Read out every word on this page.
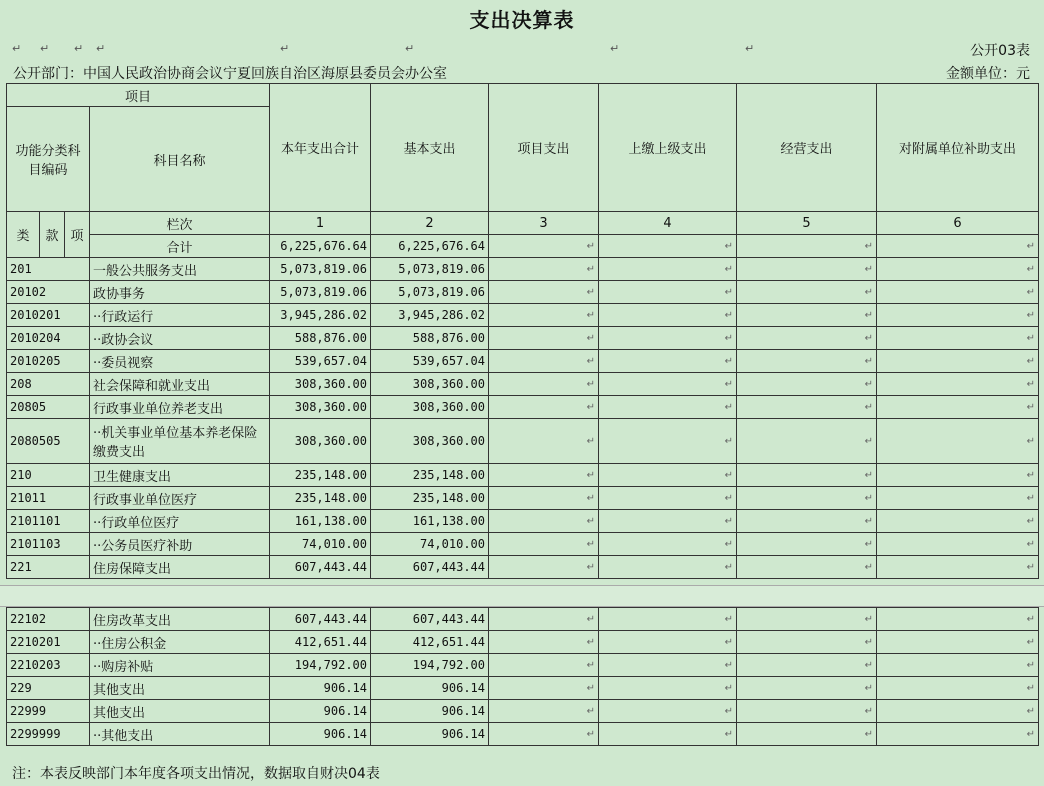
支出决算表
↵ ↵ ↵ ↵	↵	↵	↵	↵	公开03表
公开部门：中国人民政治协商会议宁夏回族自治区海原县委员会办公室	金额单位：元
项目				本年支出合计	基本支出	项目支出	上缴上级支出	经营支出	对附属单位补助支出
功能分类科目编码			科目名称						

类	款	项	栏次	1	2	3	4	5	6
			合计	6,225,676.64	6,225,676.64	↵	↵	↵	↵
201			一般公共服务支出	5,073,819.06	5,073,819.06	↵	↵	↵	↵
20102			政协事务	5,073,819.06	5,073,819.06	↵	↵	↵	↵
2010201			··行政运行	3,945,286.02	3,945,286.02	↵	↵	↵	↵
2010204			··政协会议	588,876.00	588,876.00	↵	↵	↵	↵
2010205			··委员视察	539,657.04	539,657.04	↵	↵	↵	↵
208			社会保障和就业支出	308,360.00	308,360.00	↵	↵	↵	↵
20805			行政事业单位养老支出	308,360.00	308,360.00	↵	↵	↵	↵
2080505			··机关事业单位基本养老保险缴费支出	308,360.00	308,360.00	↵	↵	↵	↵
210			卫生健康支出	235,148.00	235,148.00	↵	↵	↵	↵
21011			行政事业单位医疗	235,148.00	235,148.00	↵	↵	↵	↵
2101101			··行政单位医疗	161,138.00	161,138.00	↵	↵	↵	↵
2101103			··公务员医疗补助	74,010.00	74,010.00	↵	↵	↵	↵
221			住房保障支出	607,443.44	607,443.44	↵	↵	↵	↵
22102	住房改革支出	607,443.44	607,443.44	↵	↵	↵	↵
2210201	··住房公积金	412,651.44	412,651.44	↵	↵	↵	↵
2210203	··购房补贴	194,792.00	194,792.00	↵	↵	↵	↵
229	其他支出	906.14	906.14	↵	↵	↵	↵
22999	其他支出	906.14	906.14	↵	↵	↵	↵
2299999	··其他支出	906.14	906.14	↵	↵	↵	↵
注：本表反映部门本年度各项支出情况，数据取自财决04表
